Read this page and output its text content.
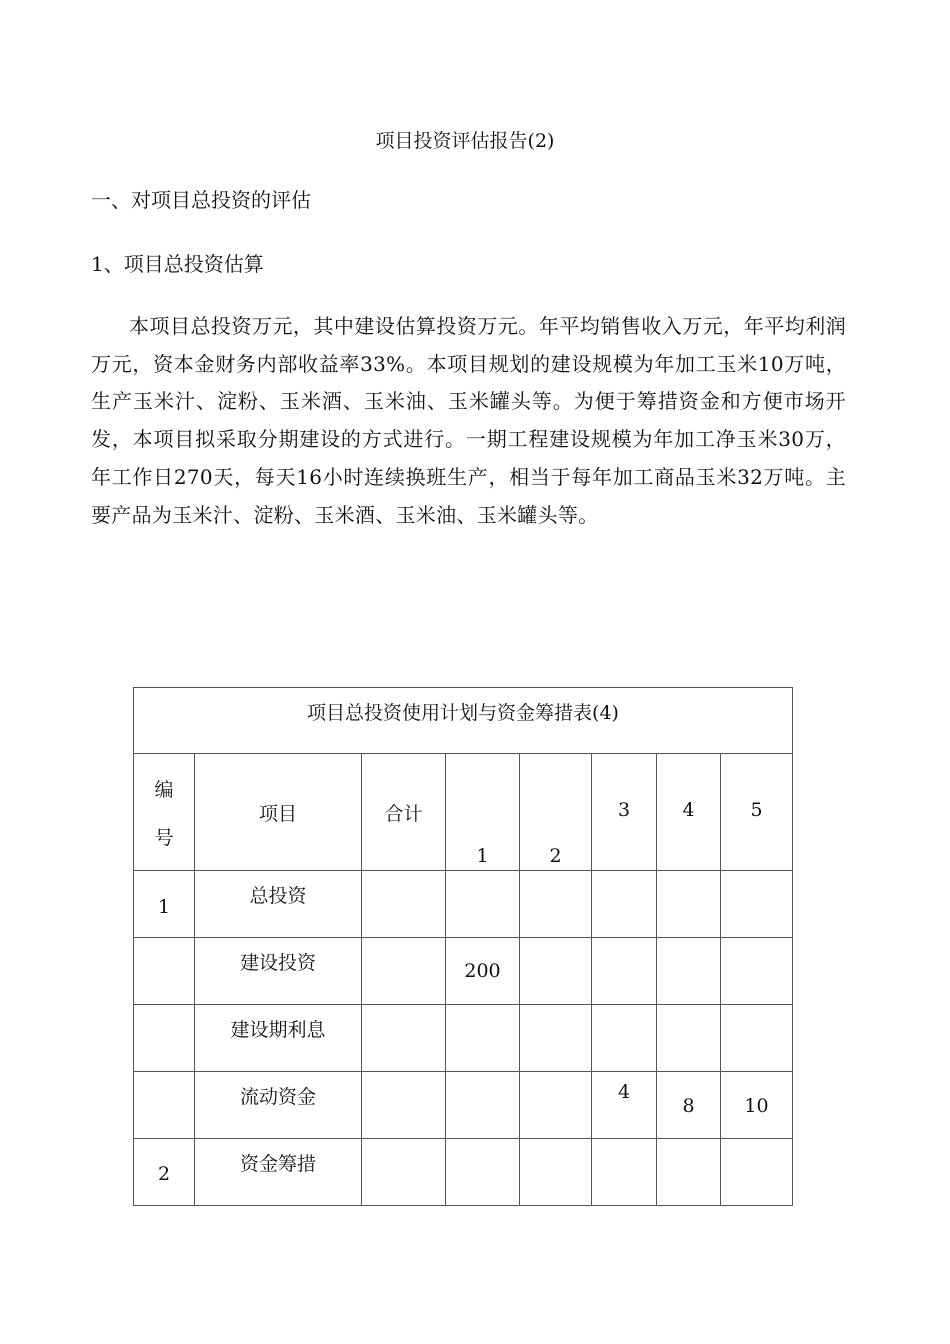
项目投资评估报告(2)
一、对项目总投资的评估
1、项目总投资估算
本项目总投资万元，其中建设估算投资万元。年平均销售收入万元，年平均利润万元，资本金财务内部收益率33%。本项目规划的建设规模为年加工玉米10万吨，生产玉米汁、淀粉、玉米酒、玉米油、玉米罐头等。为便于筹措资金和方便市场开发，本项目拟采取分期建设的方式进行。一期工程建设规模为年加工净玉米30万，年工作日270天，每天16小时连续换班生产，相当于每年加工商品玉米32万吨。主要产品为玉米汁、淀粉、玉米酒、玉米油、玉米罐头等。
项目总投资使用计划与资金筹措表(4)							

编
号	项目	合计	1	2	3	4	5

1	总投资						

	建设投资		200				

	建设期利息						

	流动资金				4	8	10

2	资金筹措						
